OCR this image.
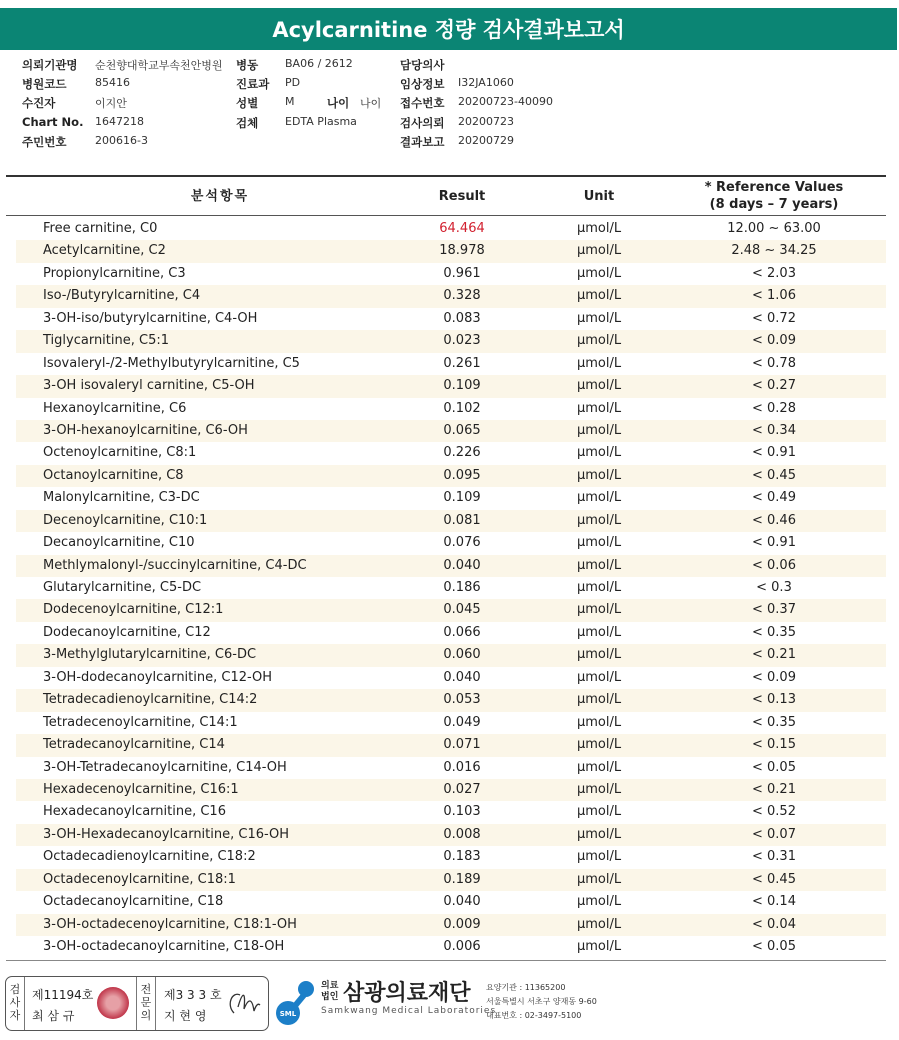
Acylcarnitine 정량 검사결과보고서
의뢰기관명 순천향대학교부속천안병원 병동 BA06 / 2612	담당의사
병원코드	85416	진료과 PD	임상정보 I32JA1060
수진자	이지안	성별 M	나이 나이 접수번호 20200723-40090
Chart No. 1647218	검체 EDTA Plasma	검사의뢰 20200723
주민번호	200616-3	결과보고 20200729
분석항목	Result	Unit
* Reference Values
(8 days – 7 years)
Free carnitine, C0	64.464	μmol/L	12.00 ~ 63.00
Acetylcarnitine, C2	18.978	μmol/L	2.48 ~ 34.25
Propionylcarnitine, C3	0.961	μmol/L	< 2.03
Iso-/Butyrylcarnitine, C4	0.328	μmol/L	< 1.06
3-OH-iso/butyrylcarnitine, C4-OH	0.083	μmol/L	< 0.72
Tiglycarnitine, C5:1	0.023	μmol/L	< 0.09
Isovaleryl-/2-Methylbutyrylcarnitine, C5	0.261	μmol/L	< 0.78
3-OH isovaleryl carnitine, C5-OH	0.109	μmol/L	< 0.27
Hexanoylcarnitine, C6	0.102	μmol/L	< 0.28
3-OH-hexanoylcarnitine, C6-OH	0.065	μmol/L	< 0.34
Octenoylcarnitine, C8:1	0.226	μmol/L	< 0.91
Octanoylcarnitine, C8	0.095	μmol/L	< 0.45
Malonylcarnitine, C3-DC	0.109	μmol/L	< 0.49
Decenoylcarnitine, C10:1	0.081	μmol/L	< 0.46
Decanoylcarnitine, C10	0.076	μmol/L	< 0.91
Methlymalonyl-/succinylcarnitine, C4-DC	0.040	μmol/L	< 0.06
Glutarylcarnitine, C5-DC	0.186	μmol/L	< 0.3
Dodecenoylcarnitine, C12:1	0.045	μmol/L	< 0.37
Dodecanoylcarnitine, C12	0.066	μmol/L	< 0.35
3-Methylglutarylcarnitine, C6-DC	0.060	μmol/L	< 0.21
3-OH-dodecanoylcarnitine, C12-OH	0.040	μmol/L	< 0.09
Tetradecadienoylcarnitine, C14:2	0.053	μmol/L	< 0.13
Tetradecenoylcarnitine, C14:1	0.049	μmol/L	< 0.35
Tetradecanoylcarnitine, C14	0.071	μmol/L	< 0.15
3-OH-Tetradecanoylcarnitine, C14-OH	0.016	μmol/L	< 0.05
Hexadecenoylcarnitine, C16:1	0.027	μmol/L	< 0.21
Hexadecanoylcarnitine, C16	0.103	μmol/L	< 0.52
3-OH-Hexadecanoylcarnitine, C16-OH	0.008	μmol/L	< 0.07
Octadecadienoylcarnitine, C18:2	0.183	μmol/L	< 0.31
Octadecenoylcarnitine, C18:1	0.189	μmol/L	< 0.45
Octadecanoylcarnitine, C18	0.040	μmol/L	< 0.14
3-OH-octadecenoylcarnitine, C18:1-OH	0.009	μmol/L	< 0.04
3-OH-octadecanoylcarnitine, C18-OH	0.006	μmol/L	< 0.05
검사자
제11194호
최 삼 규
전문의
제3 3 3 호
지 현 영	SML
의료
법인 삼광의료재단
Samkwang Medical Laboratories
요양기관 : 11365200
서울특별시 서초구 양재동 9-60
대표번호 : 02-3497-5100
